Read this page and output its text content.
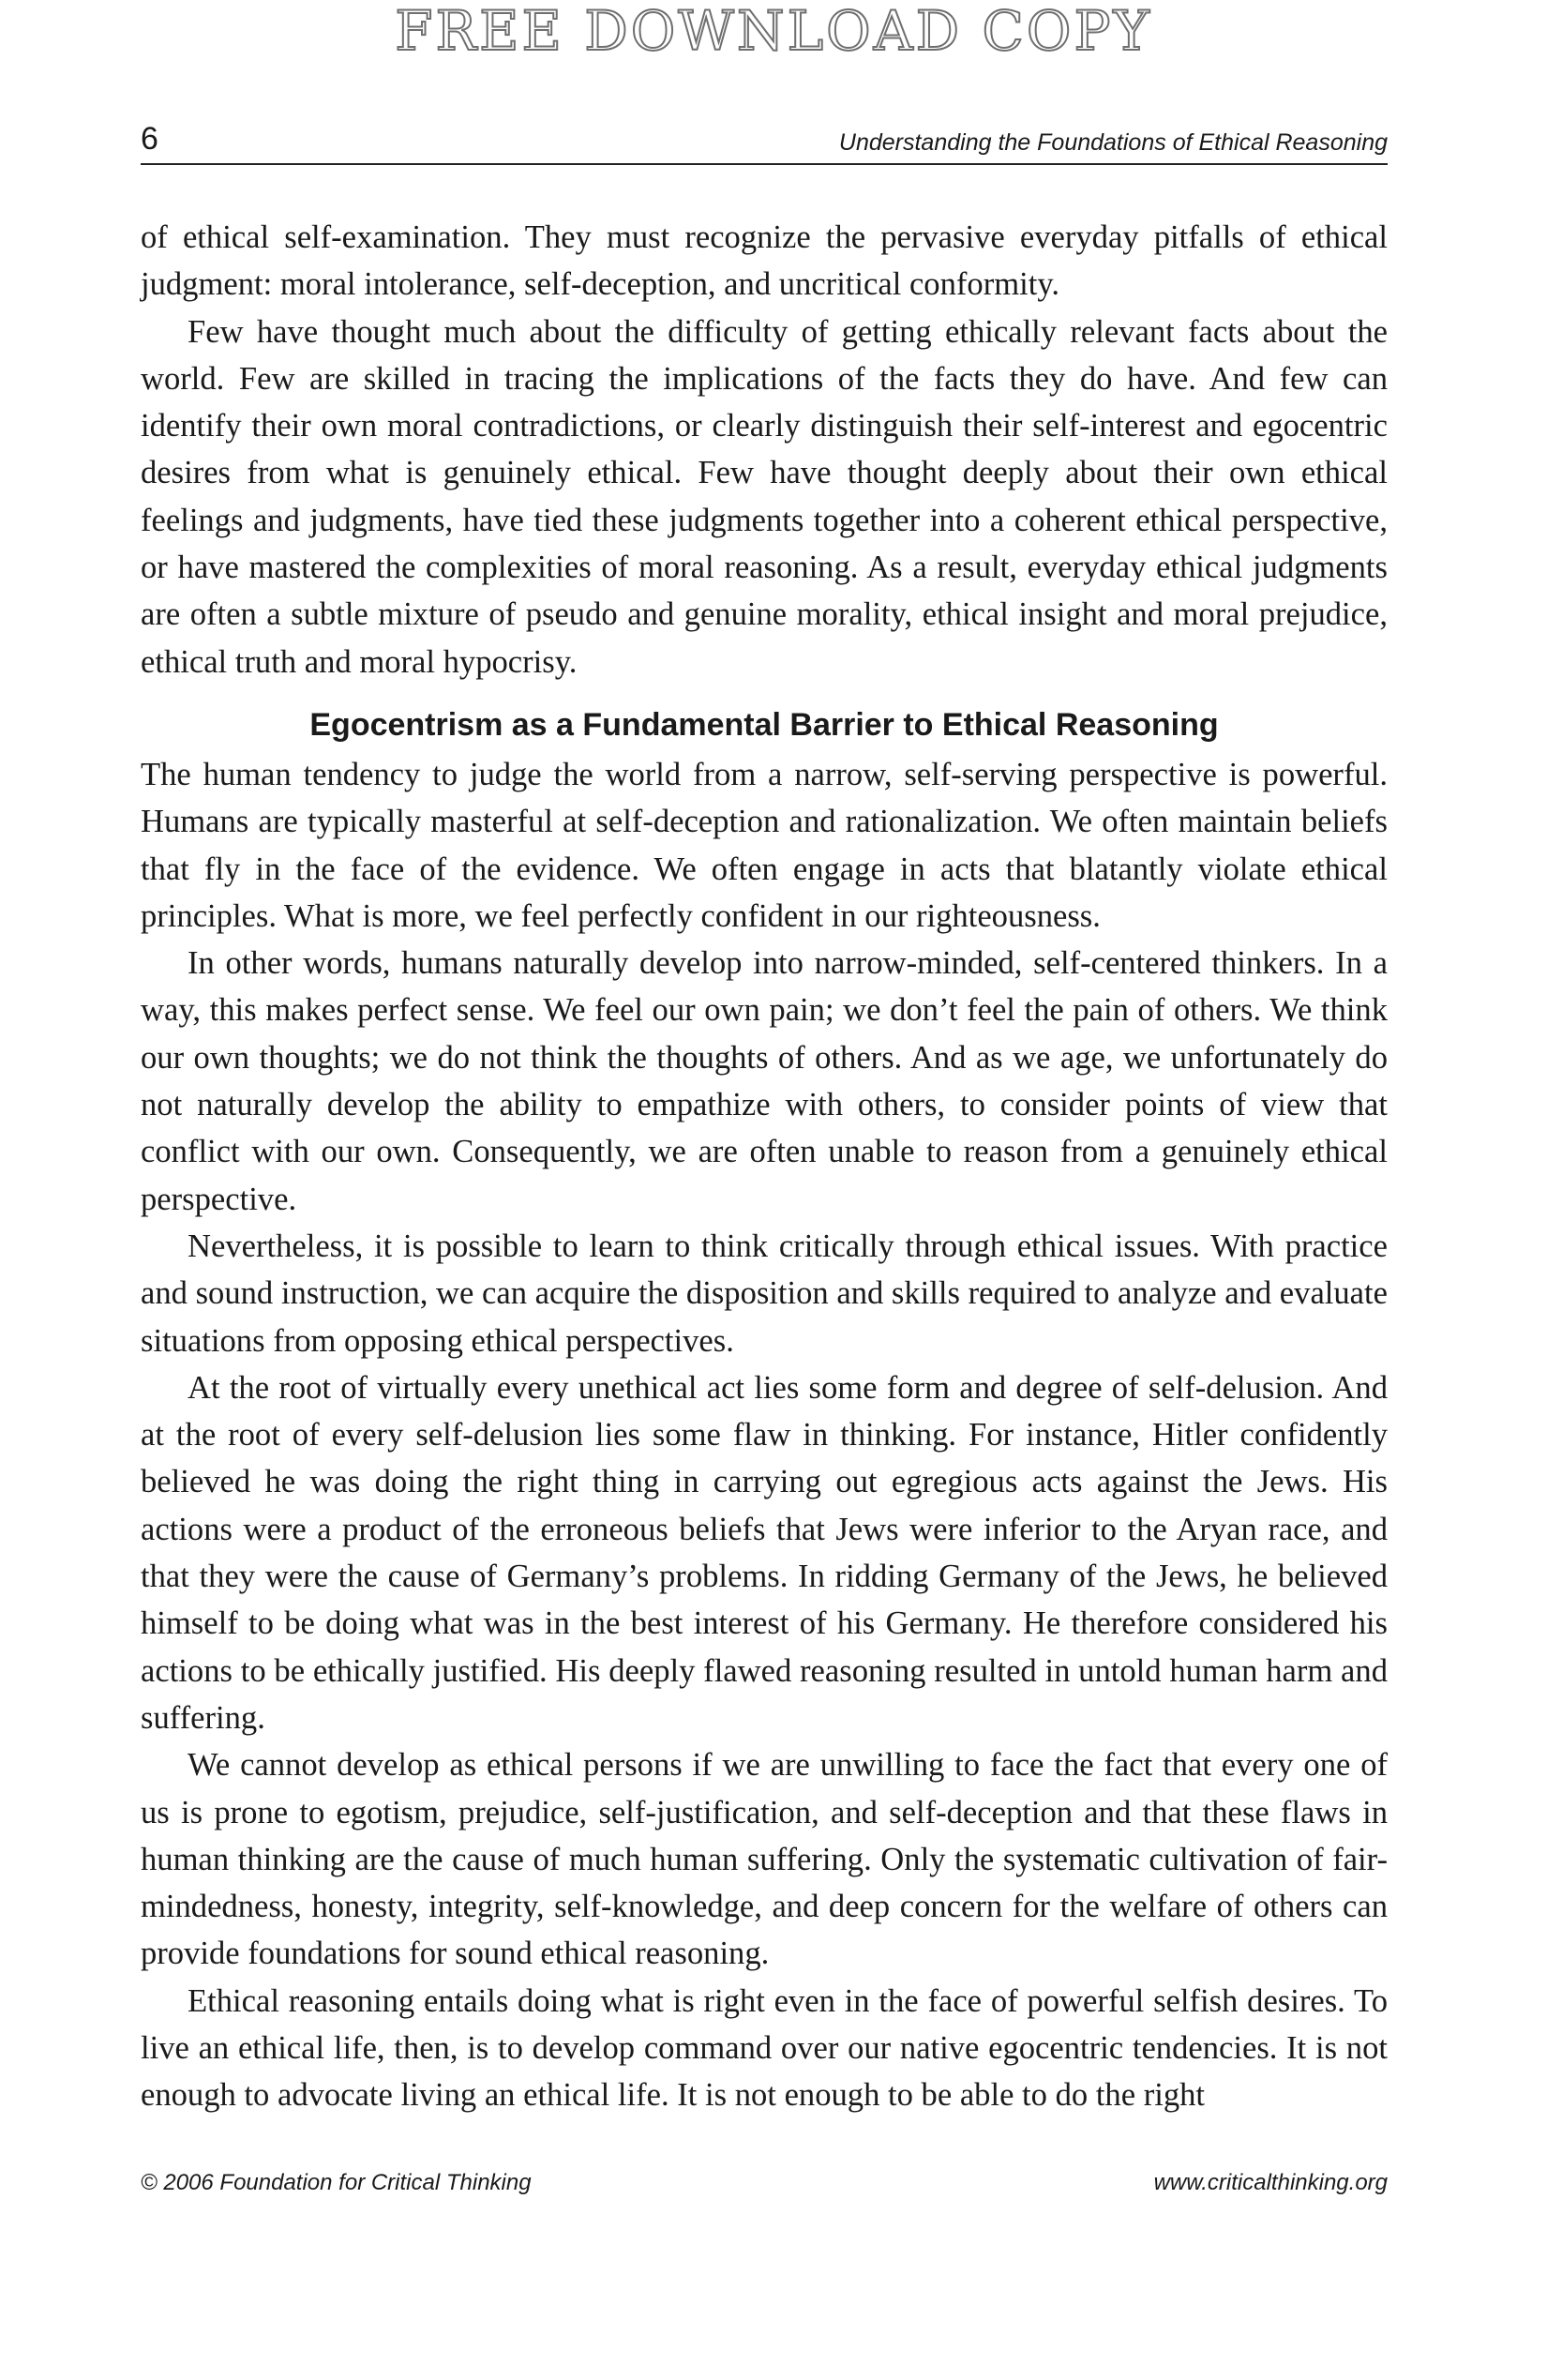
FREE DOWNLOAD COPY
6	Understanding the Foundations of Ethical Reasoning

of ethical self-examination. They must recognize the pervasive everyday pitfalls of ethical judgment: moral intolerance, self-deception, and uncritical conformity.

Few have thought much about the difficulty of getting ethically relevant facts about the world. Few are skilled in tracing the implications of the facts they do have. And few can identify their own moral contradictions, or clearly distinguish their self-interest and egocentric desires from what is genuinely ethical. Few have thought deeply about their own ethical feelings and judgments, have tied these judgments together into a coherent ethical perspective, or have mastered the complexities of moral reasoning. As a result, everyday ethical judgments are often a subtle mixture of pseudo and genuine morality, ethical insight and moral prejudice, ethical truth and moral hypocrisy.

Egocentrism as a Fundamental Barrier to Ethical Reasoning

The human tendency to judge the world from a narrow, self-serving perspective is powerful. Humans are typically masterful at self-deception and rationalization. We often maintain beliefs that fly in the face of the evidence. We often engage in acts that blatantly violate ethical principles. What is more, we feel perfectly confident in our righteousness.

In other words, humans naturally develop into narrow-minded, self-centered thinkers. In a way, this makes perfect sense. We feel our own pain; we don’t feel the pain of others. We think our own thoughts; we do not think the thoughts of others. And as we age, we unfortunately do not naturally develop the ability to empathize with others, to consider points of view that conflict with our own. Consequently, we are often unable to reason from a genuinely ethical perspective.

Nevertheless, it is possible to learn to think critically through ethical issues. With practice and sound instruction, we can acquire the disposition and skills required to analyze and evaluate situations from opposing ethical perspectives.

At the root of virtually every unethical act lies some form and degree of self-delusion. And at the root of every self-delusion lies some flaw in thinking. For instance, Hitler confidently believed he was doing the right thing in carrying out egregious acts against the Jews. His actions were a product of the erroneous beliefs that Jews were inferior to the Aryan race, and that they were the cause of Germany’s problems. In ridding Germany of the Jews, he believed himself to be doing what was in the best interest of his Germany. He therefore considered his actions to be ethically justified. His deeply flawed reasoning resulted in untold human harm and suffering.

We cannot develop as ethical persons if we are unwilling to face the fact that every one of us is prone to egotism, prejudice, self-justification, and self-deception and that these flaws in human thinking are the cause of much human suffering. Only the systematic cultivation of fair-mindedness, honesty, integrity, self-knowledge, and deep concern for the welfare of others can provide foundations for sound ethical reasoning.

Ethical reasoning entails doing what is right even in the face of powerful selfish desires. To live an ethical life, then, is to develop command over our native egocentric tendencies. It is not enough to advocate living an ethical life. It is not enough to be able to do the right

© 2006 Foundation for Critical Thinking	www.criticalthinking.org
